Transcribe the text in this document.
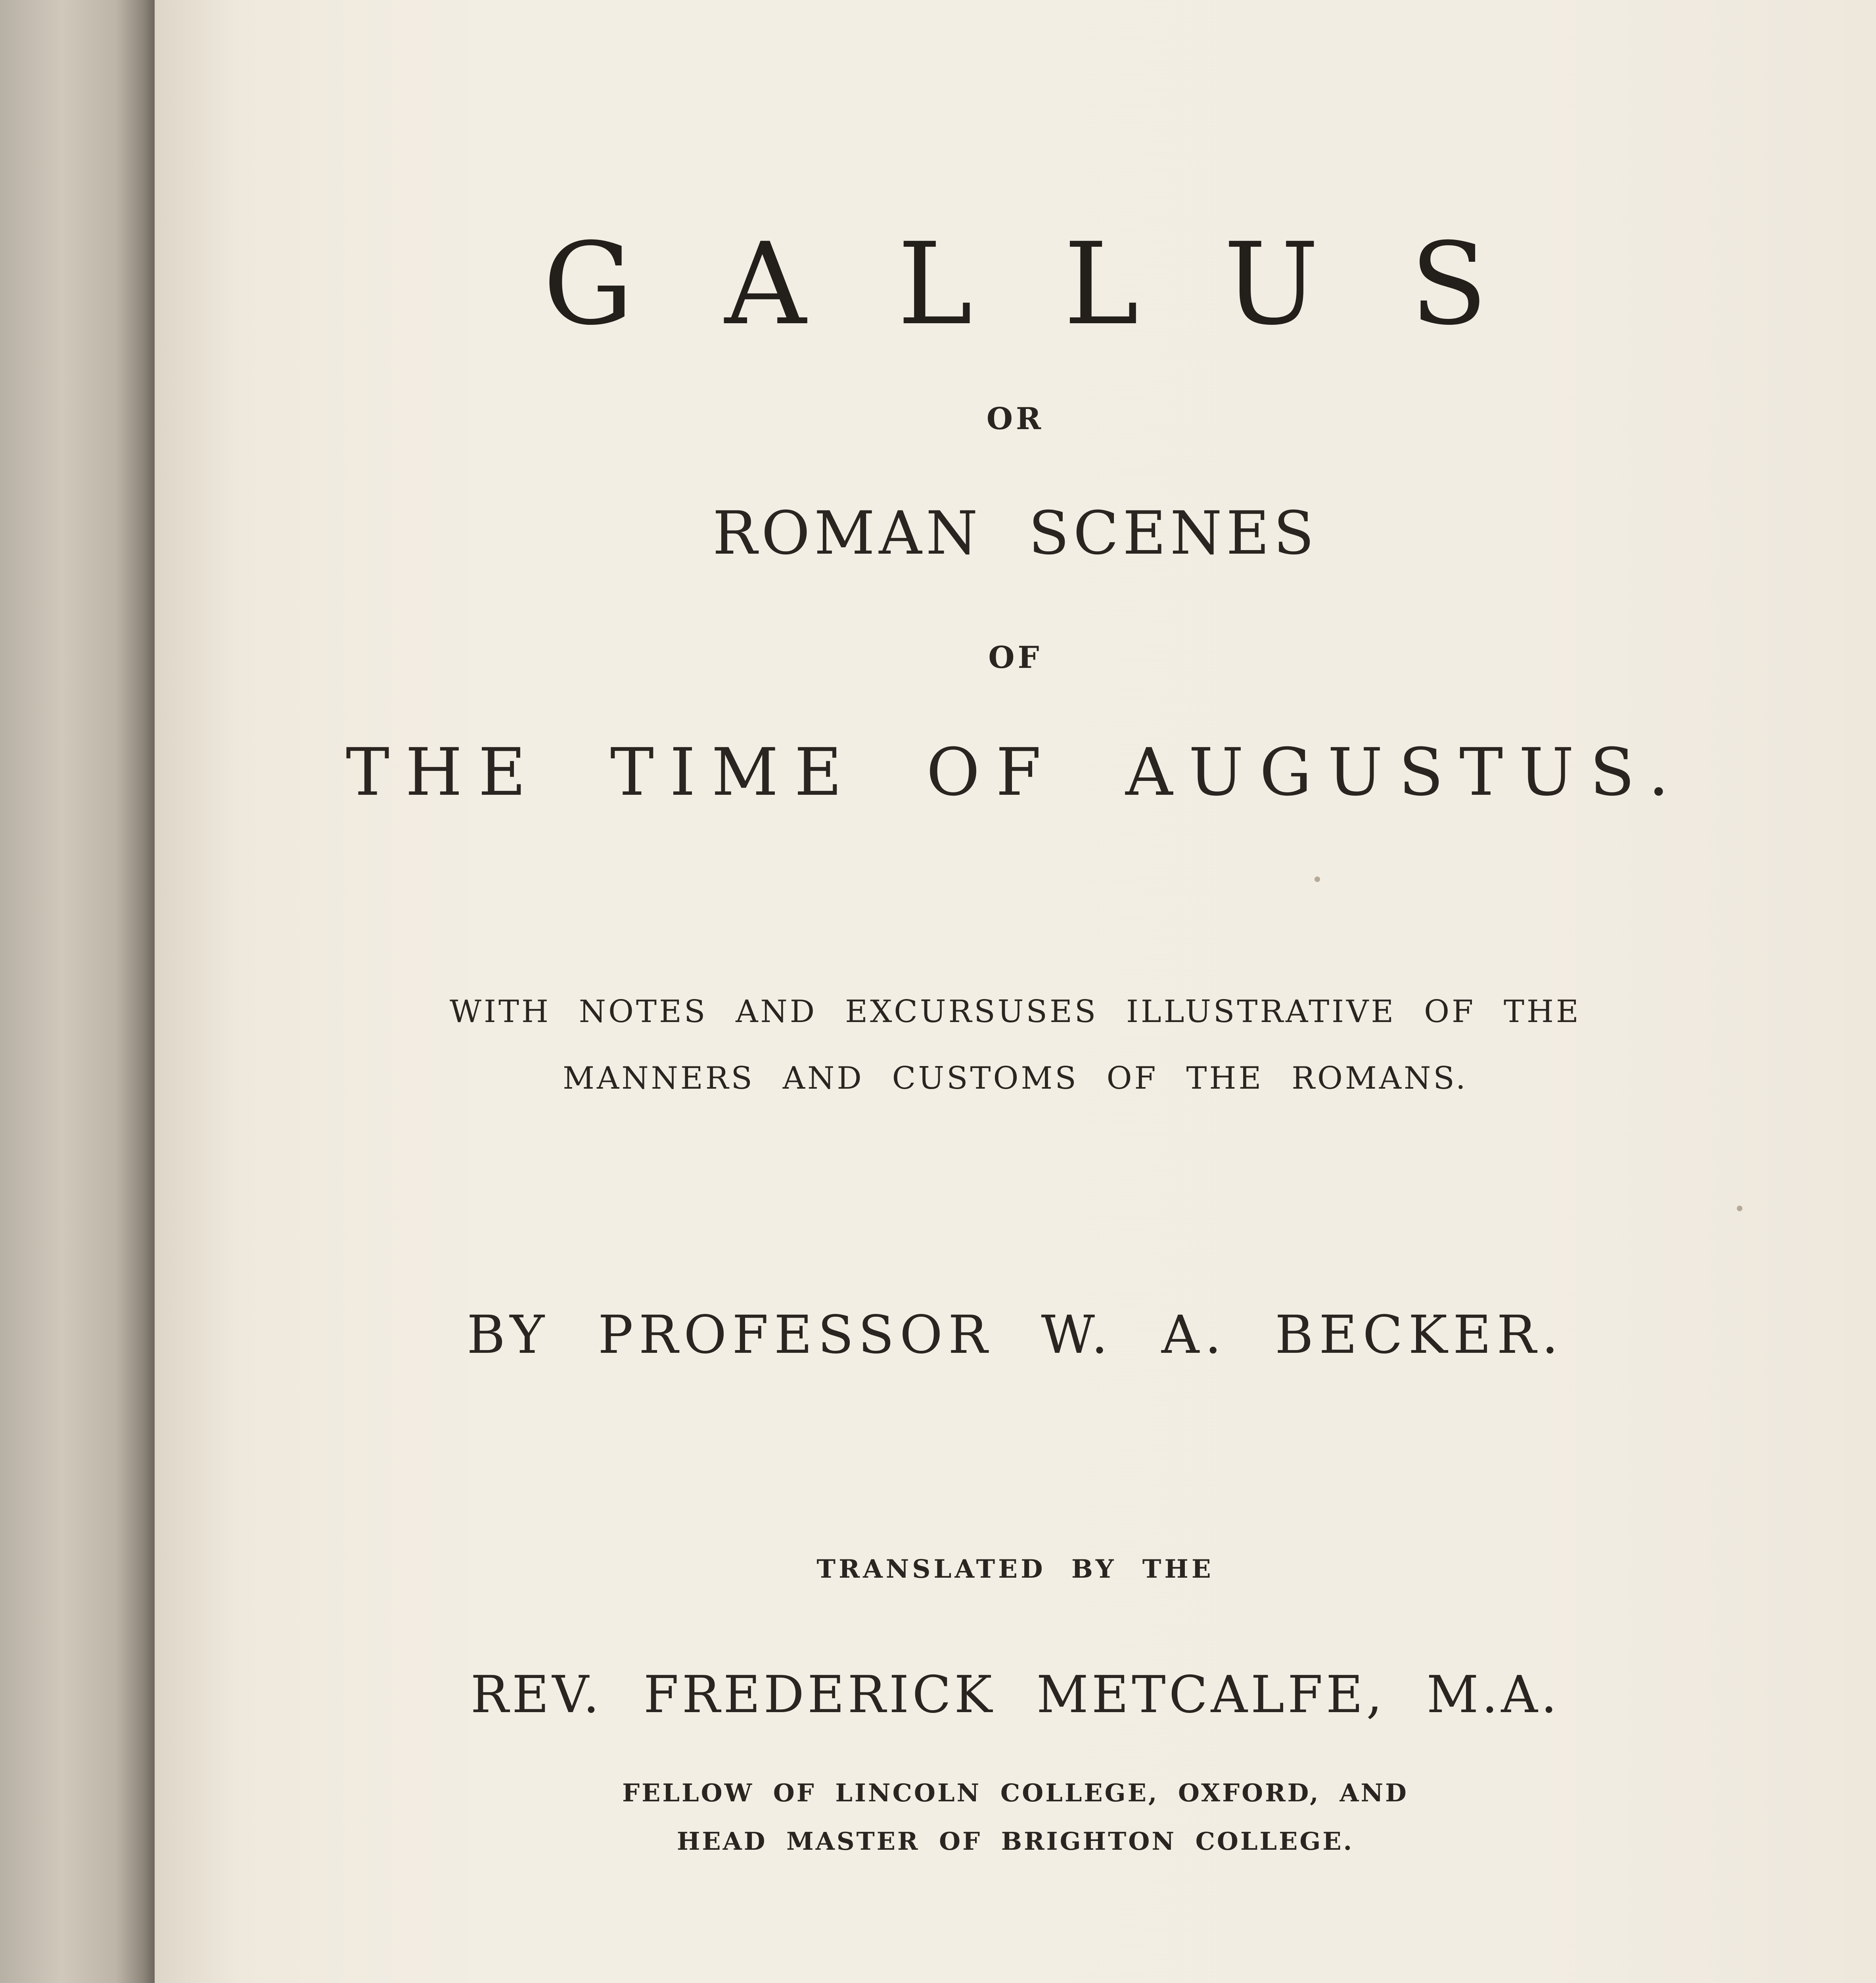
GALLUS
OR
ROMAN SCENES
OF
THE TIME OF AUGUSTUS.
WITH NOTES AND EXCURSUSES ILLUSTRATIVE OF THE
MANNERS AND CUSTOMS OF THE ROMANS.
BY PROFESSOR W. A. BECKER.
TRANSLATED BY THE
REV. FREDERICK METCALFE, M.A.
FELLOW OF LINCOLN COLLEGE, OXFORD, AND
HEAD MASTER OF BRIGHTON COLLEGE.
